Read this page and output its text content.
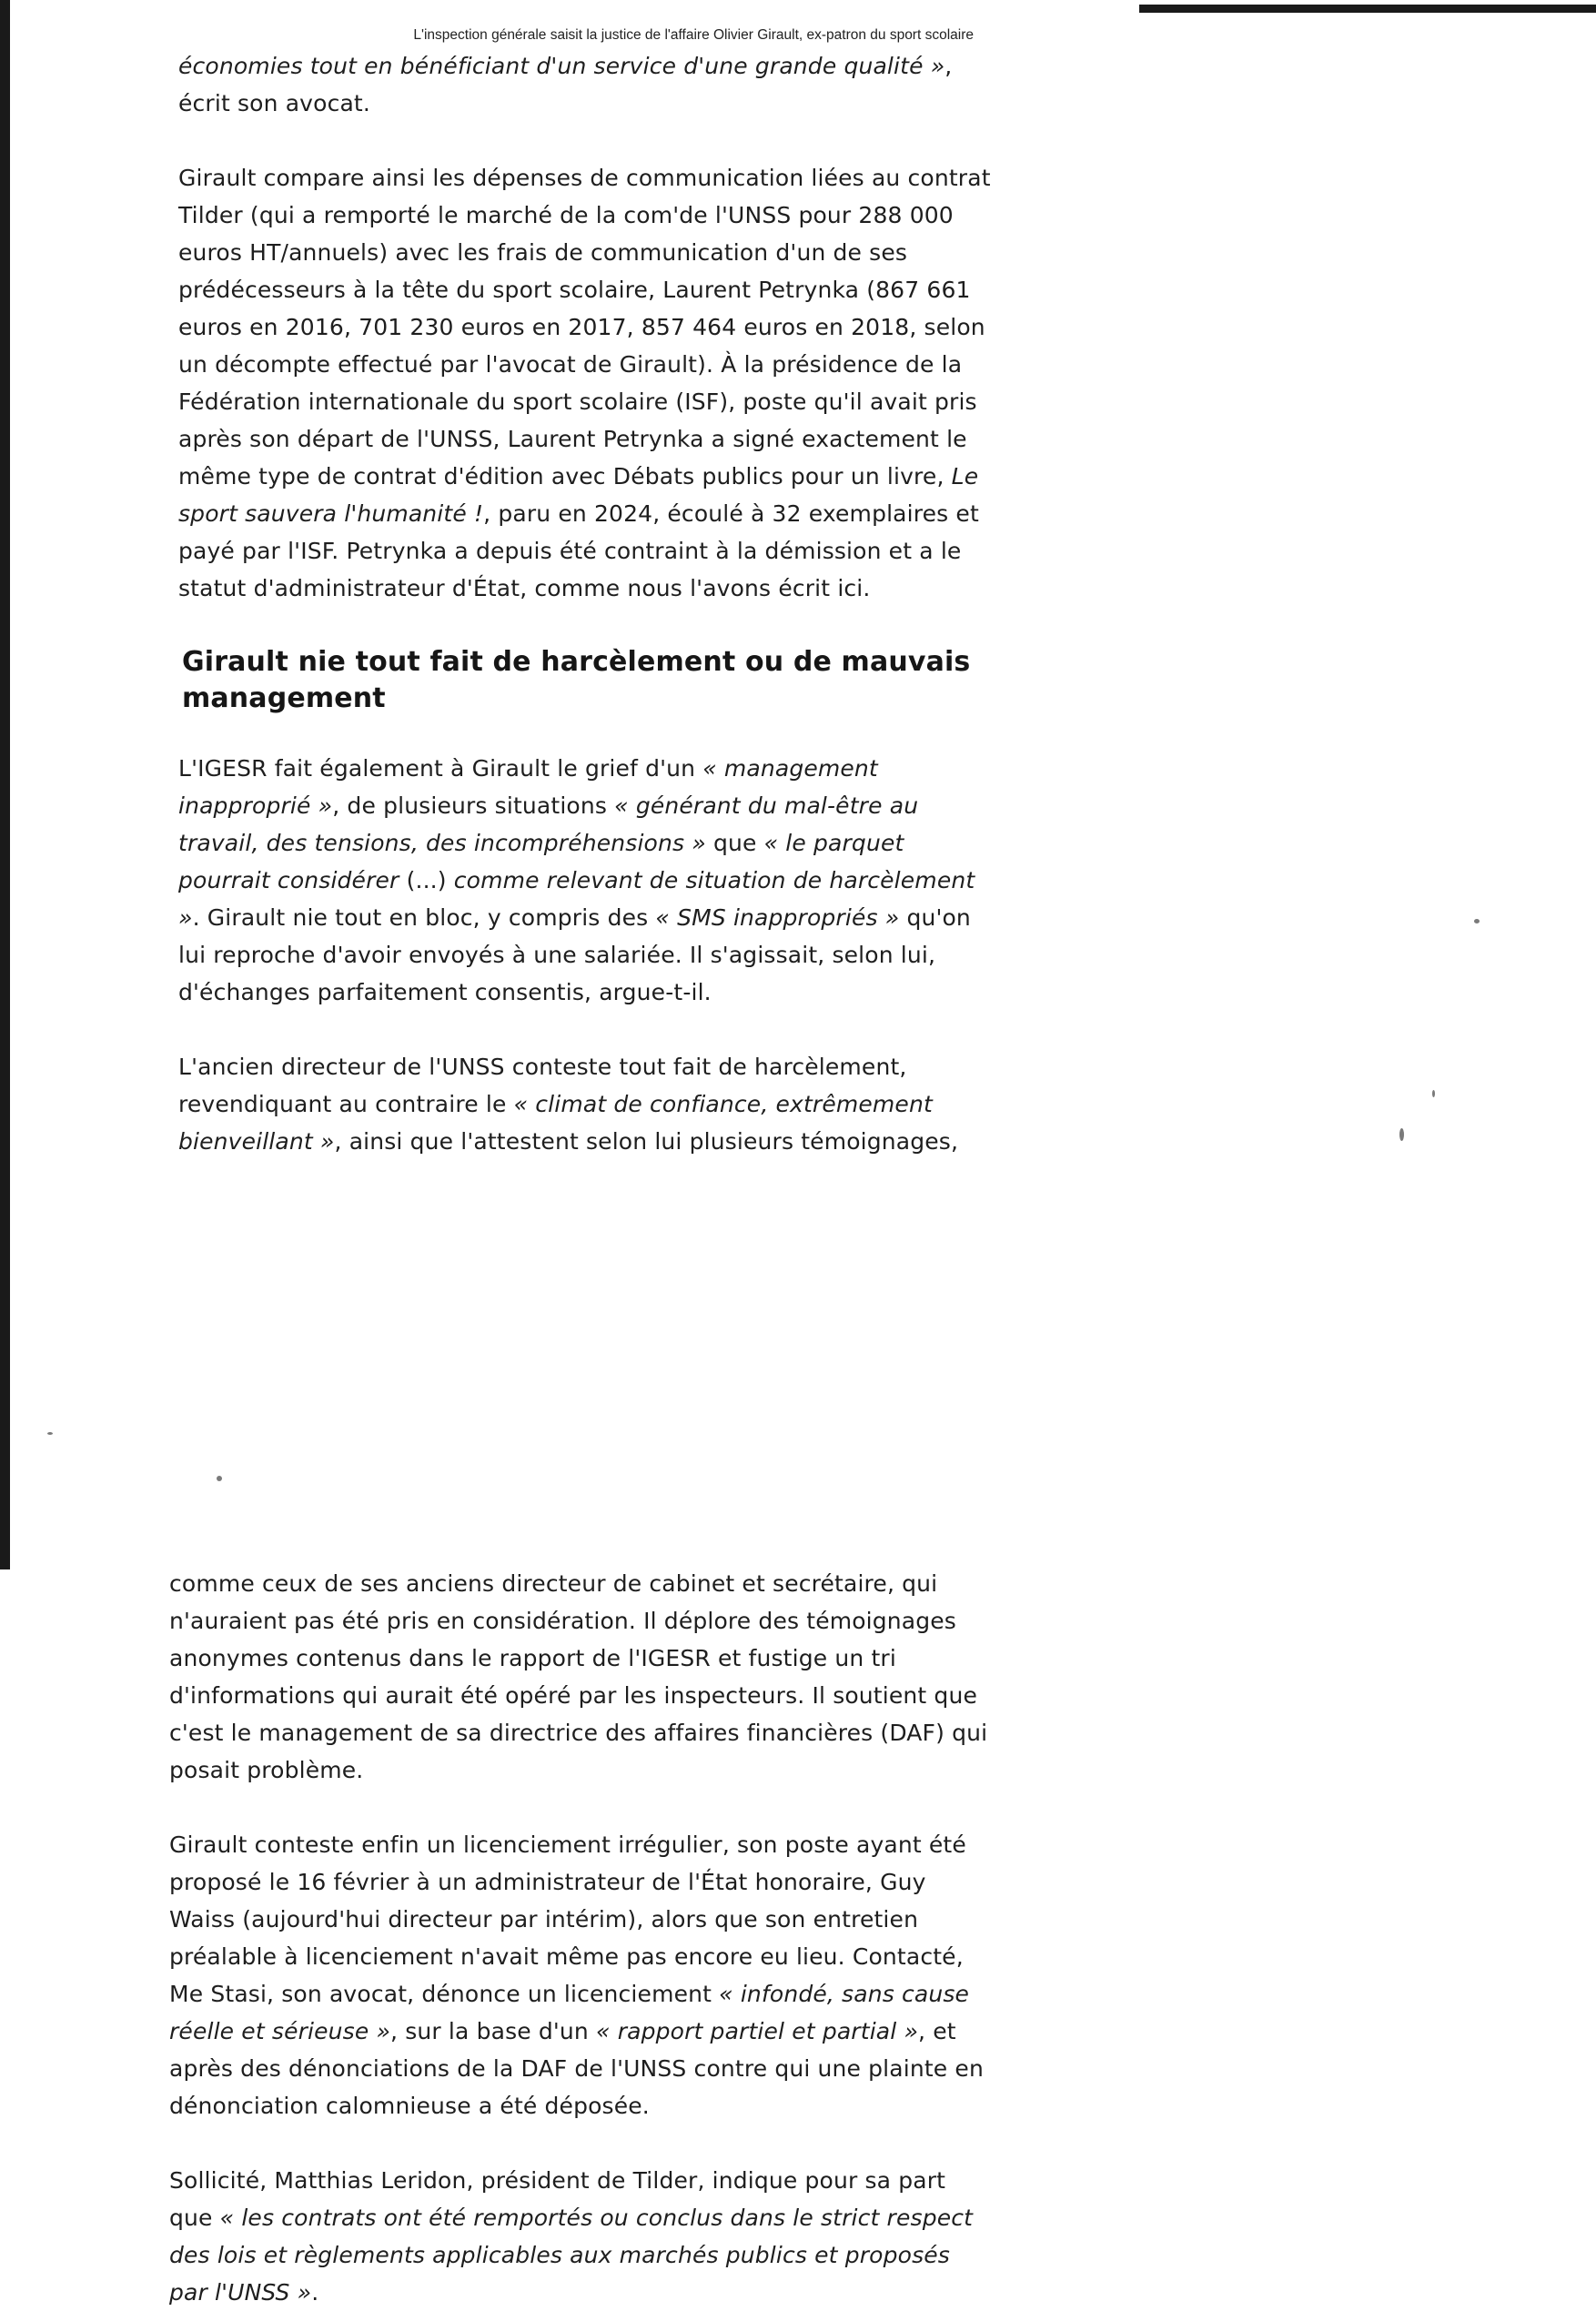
L'inspection générale saisit la justice de l'affaire Olivier Girault, ex-patron du sport scolaire

économies tout en bénéficiant d'un service d'une grande qualité », écrit son avocat.

Girault compare ainsi les dépenses de communication liées au contrat Tilder (qui a remporté le marché de la com'de l'UNSS pour 288 000 euros HT/annuels) avec les frais de communication d'un de ses prédécesseurs à la tête du sport scolaire, Laurent Petrynka (867 661 euros en 2016, 701 230 euros en 2017, 857 464 euros en 2018, selon un décompte effectué par l'avocat de Girault). À la présidence de la Fédération internationale du sport scolaire (ISF), poste qu'il avait pris après son départ de l'UNSS, Laurent Petrynka a signé exactement le même type de contrat d'édition avec Débats publics pour un livre, Le sport sauvera l'humanité !, paru en 2024, écoulé à 32 exemplaires et payé par l'ISF. Petrynka a depuis été contraint à la démission et a le statut d'administrateur d'État, comme nous l'avons écrit ici.

Girault nie tout fait de harcèlement ou de mauvais management

L'IGESR fait également à Girault le grief d'un « management inapproprié », de plusieurs situations « générant du mal-être au travail, des tensions, des incompréhensions » que « le parquet pourrait considérer (...) comme relevant de situation de harcèlement ». Girault nie tout en bloc, y compris des « SMS inappropriés » qu'on lui reproche d'avoir envoyés à une salariée. Il s'agissait, selon lui, d'échanges parfaitement consentis, argue-t-il.

L'ancien directeur de l'UNSS conteste tout fait de harcèlement, revendiquant au contraire le « climat de confiance, extrêmement bienveillant », ainsi que l'attestent selon lui plusieurs témoignages,

comme ceux de ses anciens directeur de cabinet et secrétaire, qui n'auraient pas été pris en considération. Il déplore des témoignages anonymes contenus dans le rapport de l'IGESR et fustige un tri d'informations qui aurait été opéré par les inspecteurs. Il soutient que c'est le management de sa directrice des affaires financières (DAF) qui posait problème.

Girault conteste enfin un licenciement irrégulier, son poste ayant été proposé le 16 février à un administrateur de l'État honoraire, Guy Waiss (aujourd'hui directeur par intérim), alors que son entretien préalable à licenciement n'avait même pas encore eu lieu. Contacté, Me Stasi, son avocat, dénonce un licenciement « infondé, sans cause réelle et sérieuse », sur la base d'un « rapport partiel et partial », et après des dénonciations de la DAF de l'UNSS contre qui une plainte en dénonciation calomnieuse a été déposée.

Sollicité, Matthias Leridon, président de Tilder, indique pour sa part que « les contrats ont été remportés ou conclus dans le strict respect des lois et règlements applicables aux marchés publics et proposés par l'UNSS ».
